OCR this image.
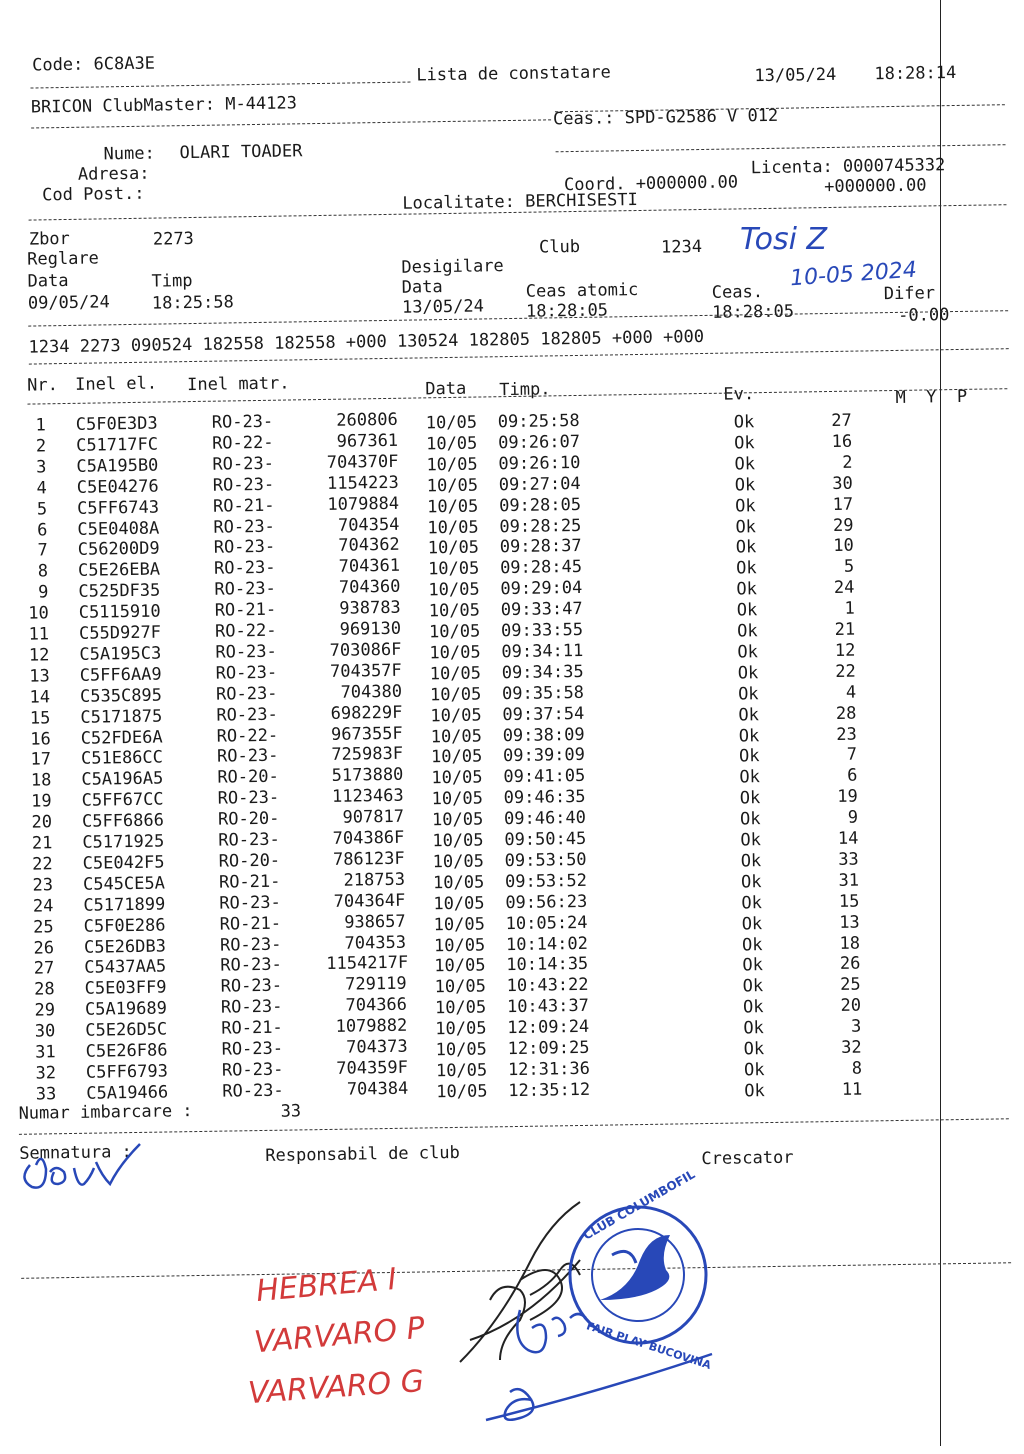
Code: 6C8A3E	Lista de constatare	13/05/24 18:28:14
BRICON ClubMaster: M-44123
Ceas.: SPD-G2586 V 012
Nume: OLARI TOADER
Adresa:	Licenta: 0000745332
Cod Post.:	Coord. +000000.00	+000000.00
Localitate: BERCHISESTI
Zbor	2273	Club	1234
Reglare	Desigilare
Data	Timp	Data	Ceas atomic	Ceas.	Difer
09/05/24 18:25:58	13/05/24 18:28:05	18:28:05	-0.00
1234 2273 090524 182558 182558 +000 130524 182805 182805 +000 +000
Nr. Inel el. Inel matr.	Data Timp.	Ev.	M  Y  P
1 C5F0E3D3	RO-23-	260806 10/05 09:25:58	Ok	27
2 C51717FC	RO-22-	967361 10/05 09:26:07	Ok	16
3 C5A195B0	RO-23-	704370F 10/05 09:26:10	Ok	2
4 C5E04276	RO-23-	1154223 10/05 09:27:04	Ok	30
5 C5FF6743	RO-21-	1079884 10/05 09:28:05	Ok	17
6 C5E0408A	RO-23-	704354 10/05 09:28:25	Ok	29
7 C56200D9	RO-23-	704362 10/05 09:28:37	Ok	10
8 C5E26EBA	RO-23-	704361 10/05 09:28:45	Ok	5
9 C525DF35	RO-23-	704360 10/05 09:29:04	Ok	24
10 C5115910	RO-21-	938783 10/05 09:33:47	Ok	1
11 C55D927F	RO-22-	969130 10/05 09:33:55	Ok	21
12 C5A195C3	RO-23-	703086F 10/05 09:34:11	Ok	12
13 C5FF6AA9	RO-23-	704357F 10/05 09:34:35	Ok	22
14 C535C895	RO-23-	704380 10/05 09:35:58	Ok	4
15 C5171875	RO-23-	698229F 10/05 09:37:54	Ok	28
16 C52FDE6A	RO-22-	967355F 10/05 09:38:09	Ok	23
17 C51E86CC	RO-23-	725983F 10/05 09:39:09	Ok	7
18 C5A196A5	RO-20-	5173880 10/05 09:41:05	Ok	6
19 C5FF67CC	RO-23-	1123463 10/05 09:46:35	Ok	19
20 C5FF6866	RO-20-	907817 10/05 09:46:40	Ok	9
21 C5171925	RO-23-	704386F 10/05 09:50:45	Ok	14
22 C5E042F5	RO-20-	786123F 10/05 09:53:50	Ok	33
23 C545CE5A	RO-21-	218753 10/05 09:53:52	Ok	31
24 C5171899	RO-23-	704364F 10/05 09:56:23	Ok	15
25 C5F0E286	RO-21-	938657 10/05 10:05:24	Ok	13
26 C5E26DB3	RO-23-	704353 10/05 10:14:02	Ok	18
27 C5437AA5	RO-23-	1154217F 10/05 10:14:35	Ok	26
28 C5E03FF9	RO-23-	729119 10/05 10:43:22	Ok	25
29 C5A19689	RO-23-	704366 10/05 10:43:37	Ok	20
30 C5E26D5C	RO-21-	1079882 10/05 12:09:24	Ok	3
31 C5E26F86	RO-23-	704373 10/05 12:09:25	Ok	32
32 C5FF6793	RO-23-	704359F 10/05 12:31:36	Ok	8
33 C5A19466	RO-23-	704384 10/05 12:35:12	Ok	11
Numar imbarcare :	33
Semnatura :	Responsabil de club	Crescator
Tosi Z
10-05 2024
HEBREA I
VARVARO P
VARVARO G
CLUB COLUMBOFIL
FAIR PLAY BUCOVINA
